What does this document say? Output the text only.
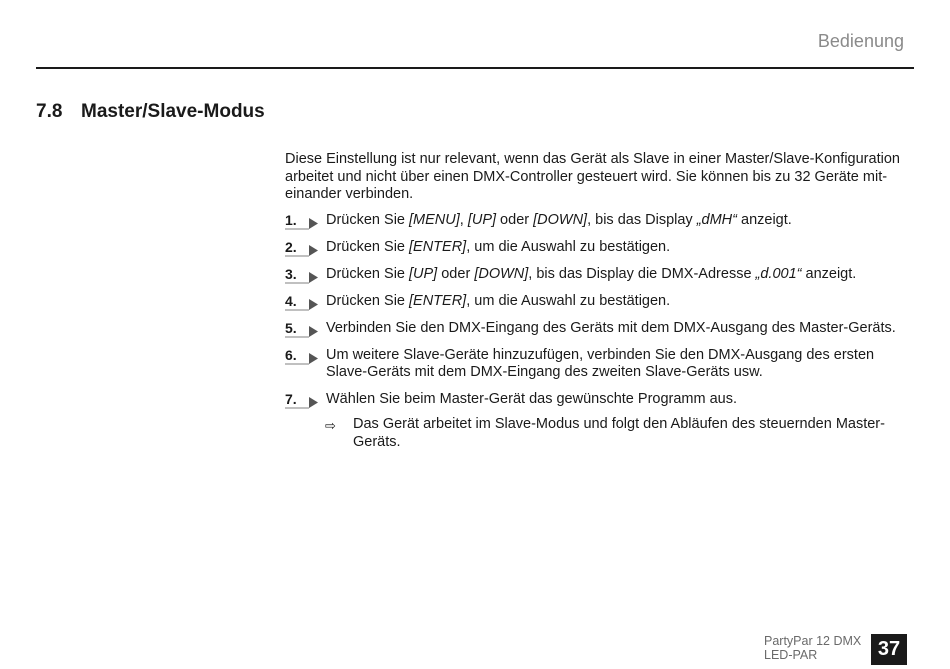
Bedienung
7.8 Master/Slave-Modus

Diese Einstellung ist nur relevant, wenn das Gerät als Slave in einer Master/Slave-Konfiguration arbeitet und nicht über einen DMX-Controller gesteuert wird. Sie können bis zu 32 Geräte mit-einander verbinden.

1. Drücken Sie [MENU], [UP] oder [DOWN], bis das Display „dMH“ anzeigt.
2. Drücken Sie [ENTER], um die Auswahl zu bestätigen.
3. Drücken Sie [UP] oder [DOWN], bis das Display die DMX-Adresse „d.001“ anzeigt.
4. Drücken Sie [ENTER], um die Auswahl zu bestätigen.
5. Verbinden Sie den DMX-Eingang des Geräts mit dem DMX-Ausgang des Master-Geräts.
6. Um weitere Slave-Geräte hinzuzufügen, verbinden Sie den DMX-Ausgang des ersten Slave-Geräts mit dem DMX-Eingang des zweiten Slave-Geräts usw.
7. Wählen Sie beim Master-Gerät das gewünschte Programm aus.
⇨ Das Gerät arbeitet im Slave-Modus und folgt den Abläufen des steuernden Master-Geräts.
PartyPar 12 DMX
LED-PAR	37
